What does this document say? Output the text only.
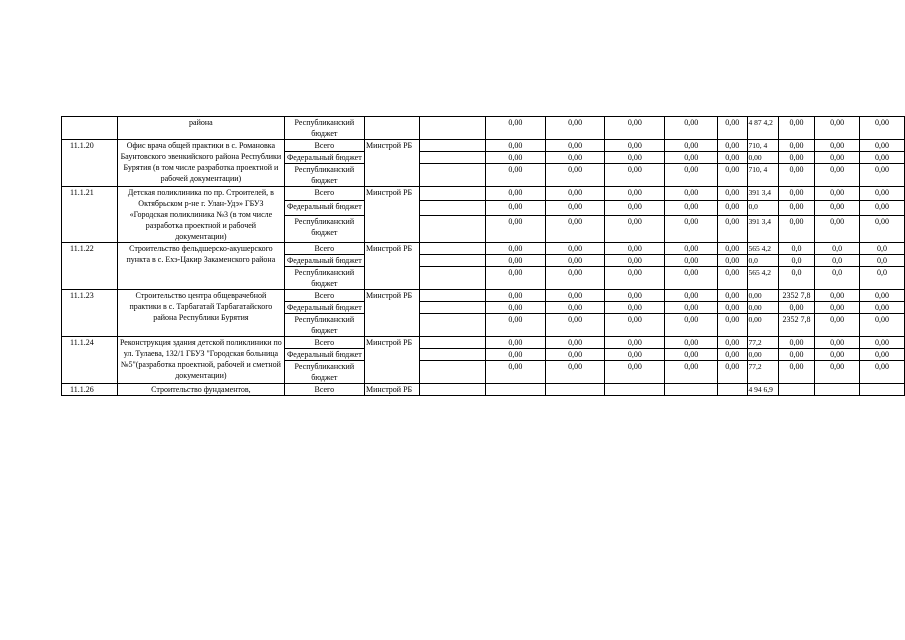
	района	Республиканский бюджет			0,00	0,00	0,00	0,00	0,00	4 87 4,2	0,00	0,00	0,00
11.1.20	Офис врача общей практики в с. Романовка Баунтовского эвенкийского района Республики Бурятия (в том числе разработка проектной и рабочей документации)	Всего	Минстрой РБ		0,00	0,00	0,00	0,00	0,00	710, 4	0,00	0,00	0,00
		Федеральный бюджет			0,00	0,00	0,00	0,00	0,00	0,00	0,00	0,00	0,00
		Республиканский бюджет			0,00	0,00	0,00	0,00	0,00	710, 4	0,00	0,00	0,00
11.1.21	Детская поликлиника по пр. Строителей, в Октябрьском р-не г. Улан-Удэ» ГБУЗ «Городская поликлиника №3 (в том числе разработка проектной и рабочей документации)	Всего	Минстрой РБ		0,00	0,00	0,00	0,00	0,00	391 3,4	0,00	0,00	0,00
		Федеральный бюджет			0,00	0,00	0,00	0,00	0,00	0,0	0,00	0,00	0,00
		Республиканский бюджет			0,00	0,00	0,00	0,00	0,00	391 3,4	0,00	0,00	0,00
11.1.22	Строительство фельдшерско-акушерского пункта в с. Ехэ-Цакир Закаменского района	Всего	Минстрой РБ		0,00	0,00	0,00	0,00	0,00	565 4,2	0,0	0,0	0,0
		Федеральный бюджет			0,00	0,00	0,00	0,00	0,00	0,0	0,0	0,0	0,0
		Республиканский бюджет			0,00	0,00	0,00	0,00	0,00	565 4,2	0,0	0,0	0,0
11.1.23	Строительство центра общеврачебной практики в с. Тарбагатай Тарбагатайского района Республики Бурятия	Всего	Минстрой РБ		0,00	0,00	0,00	0,00	0,00	0,00	2352 7,8	0,00	0,00
		Федеральный бюджет			0,00	0,00	0,00	0,00	0,00	0,00	0,00	0,00	0,00
		Республиканский бюджет			0,00	0,00	0,00	0,00	0,00	0,00	2352 7,8	0,00	0,00
11.1.24	Реконструкция здания детской поликлиники по ул. Тулаева, 132/1 ГБУЗ "Городская больница №5"(разработка проектной, рабочей и сметной документации)	Всего	Минстрой РБ		0,00	0,00	0,00	0,00	0,00	77,2	0,00	0,00	0,00
		Федеральный бюджет			0,00	0,00	0,00	0,00	0,00	0,00	0,00	0,00	0,00
		Республиканский бюджет			0,00	0,00	0,00	0,00	0,00	77,2	0,00	0,00	0,00
11.1.26	Строительство фундаментов,	Всего	Минстрой РБ							4 94 6,9			
